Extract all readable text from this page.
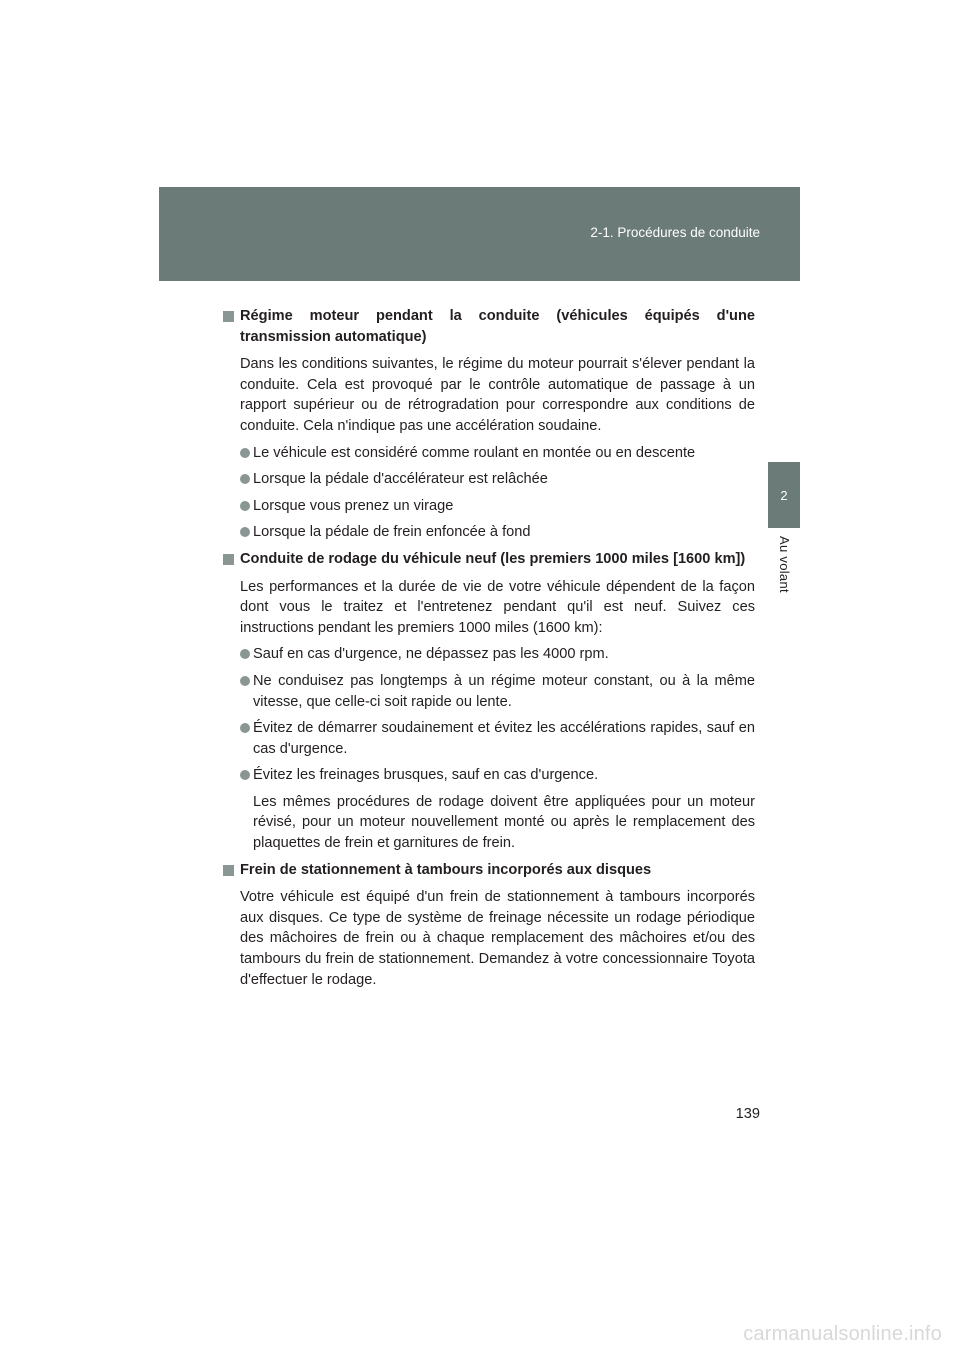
2-1. Procédures de conduite
2
Au volant
Régime moteur pendant la conduite (véhicules équipés d'une transmission automatique)
Dans les conditions suivantes, le régime du moteur pourrait s'élever pendant la conduite. Cela est provoqué par le contrôle automatique de passage à un rapport supérieur ou de rétrogradation pour correspondre aux conditions de conduite. Cela n'indique pas une accélération soudaine.
Le véhicule est considéré comme roulant en montée ou en descente
Lorsque la pédale d'accélérateur est relâchée
Lorsque vous prenez un virage
Lorsque la pédale de frein enfoncée à fond
Conduite de rodage du véhicule neuf (les premiers 1000 miles [1600 km])
Les performances et la durée de vie de votre véhicule dépendent de la façon dont vous le traitez et l'entretenez pendant qu'il est neuf. Suivez ces instructions pendant les premiers 1000 miles (1600 km):
Sauf en cas d'urgence, ne dépassez pas les 4000 rpm.
Ne conduisez pas longtemps à un régime moteur constant, ou à la même vitesse, que celle-ci soit rapide ou lente.
Évitez de démarrer soudainement et évitez les accélérations rapides, sauf en cas d'urgence.
Évitez les freinages brusques, sauf en cas d'urgence.
Les mêmes procédures de rodage doivent être appliquées pour un moteur révisé, pour un moteur nouvellement monté ou après le remplacement des plaquettes de frein et garnitures de frein.
Frein de stationnement à tambours incorporés aux disques
Votre véhicule est équipé d'un frein de stationnement à tambours incorporés aux disques. Ce type de système de freinage nécessite un rodage périodique des mâchoires de frein ou à chaque remplacement des mâchoires et/ou des tambours du frein de stationnement. Demandez à votre concessionnaire Toyota d'effectuer le rodage.
139
carmanualsonline.info
